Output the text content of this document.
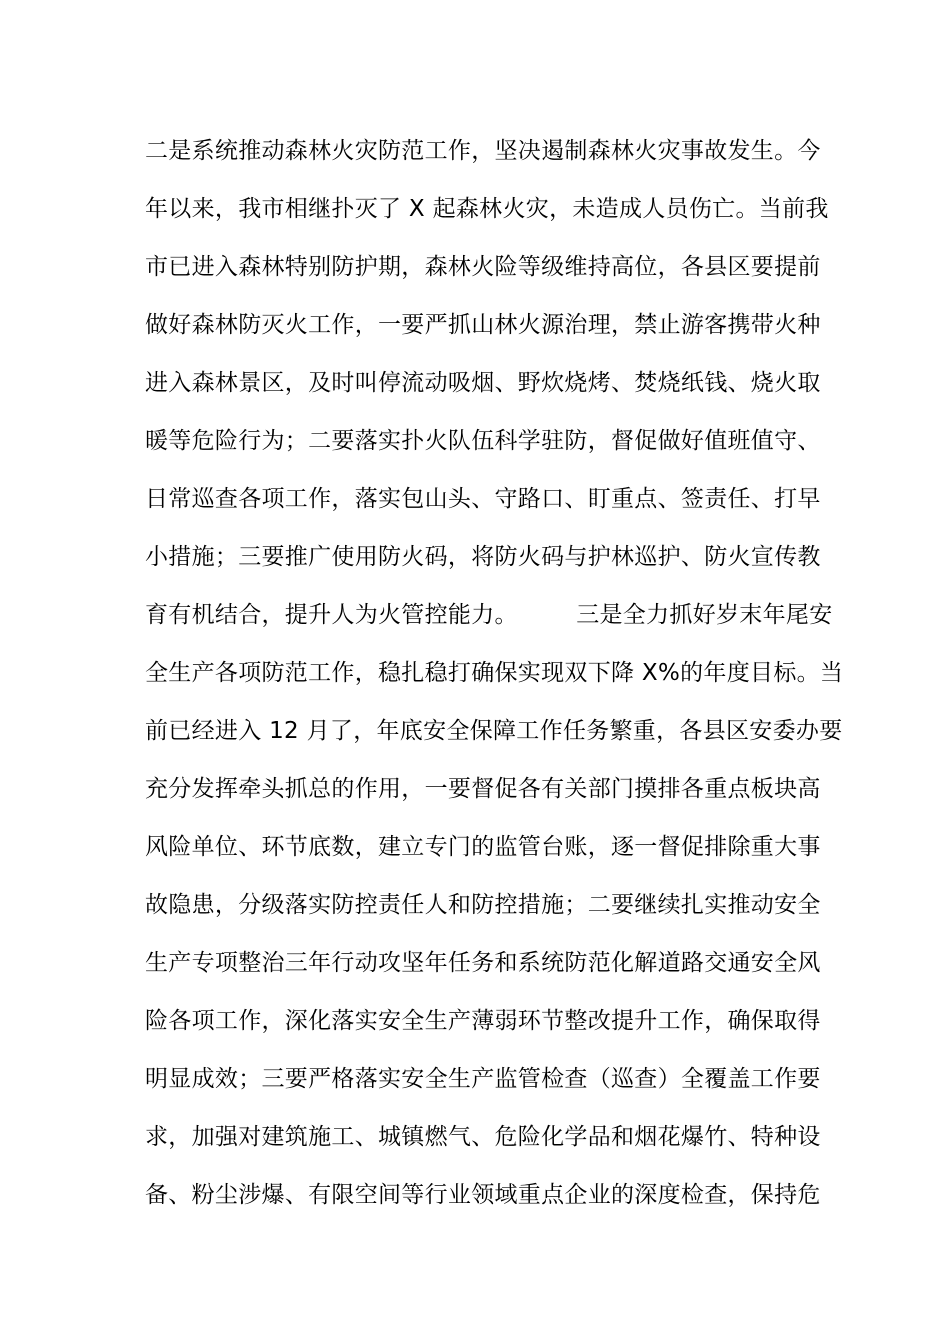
二是系统推动森林火灾防范工作，坚决遏制森林火灾事故发生。今
年以来，我市相继扑灭了 X 起森林火灾，未造成人员伤亡。当前我
市已进入森林特别防护期，森林火险等级维持高位，各县区要提前
做好森林防灭火工作，一要严抓山林火源治理，禁止游客携带火种
进入森林景区，及时叫停流动吸烟、野炊烧烤、焚烧纸钱、烧火取
暖等危险行为；二要落实扑火队伍科学驻防，督促做好值班值守、
日常巡查各项工作，落实包山头、守路口、盯重点、签责任、打早
小措施；三要推广使用防火码，将防火码与护林巡护、防火宣传教
育有机结合，提升人为火管控能力。　　　三是全力抓好岁末年尾安
全生产各项防范工作，稳扎稳打确保实现双下降 X%的年度目标。当
前已经进入 12 月了，年底安全保障工作任务繁重，各县区安委办要
充分发挥牵头抓总的作用，一要督促各有关部门摸排各重点板块高
风险单位、环节底数，建立专门的监管台账，逐一督促排除重大事
故隐患，分级落实防控责任人和防控措施；二要继续扎实推动安全
生产专项整治三年行动攻坚年任务和系统防范化解道路交通安全风
险各项工作，深化落实安全生产薄弱环节整改提升工作，确保取得
明显成效；三要严格落实安全生产监管检查（巡查）全覆盖工作要
求，加强对建筑施工、城镇燃气、危险化学品和烟花爆竹、特种设
备、粉尘涉爆、有限空间等行业领域重点企业的深度检查，保持危
